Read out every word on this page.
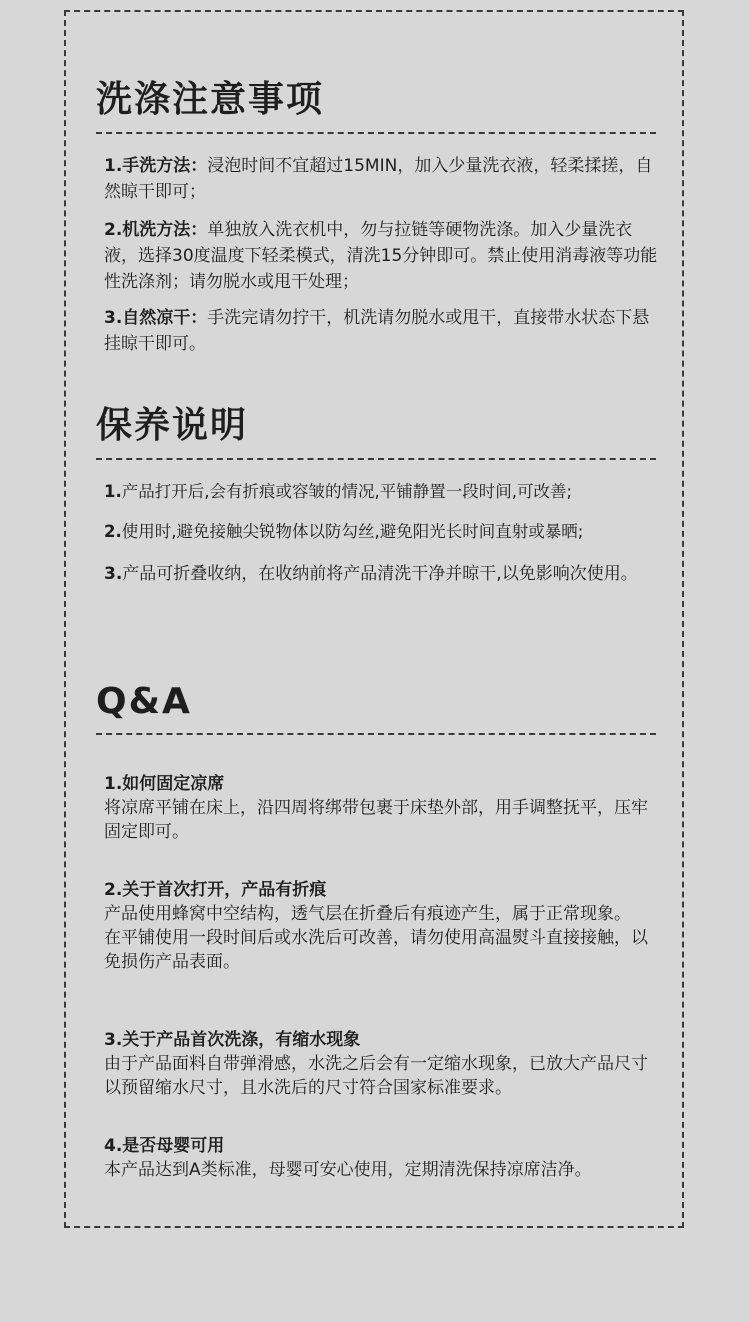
洗涤注意事项

1.手洗方法：浸泡时间不宜超过15MIN，加入少量洗衣液，轻柔揉搓，自然晾干即可；

2.机洗方法：单独放入洗衣机中，勿与拉链等硬物洗涤。加入少量洗衣液，选择30度温度下轻柔模式，清洗15分钟即可。禁止使用消毒液等功能性洗涤剂；请勿脱水或甩干处理；

3.自然凉干：手洗完请勿拧干，机洗请勿脱水或甩干，直接带水状态下悬挂晾干即可。

保养说明

1.产品打开后,会有折痕或容皱的情况,平铺静置一段时间,可改善;

2.使用时,避免接触尖锐物体以防勾丝,避免阳光长时间直射或暴晒;

3.产品可折叠收纳，在收纳前将产品清洗干净并晾干,以免影响次使用。

Q&A

1.如何固定凉席

将凉席平铺在床上，沿四周将绑带包裹于床垫外部，用手调整抚平，压牢固定即可。

2.关于首次打开，产品有折痕

产品使用蜂窝中空结构，透气层在折叠后有痕迹产生，属于正常现象。

在平铺使用一段时间后或水洗后可改善，请勿使用高温熨斗直接接触，以免损伤产品表面。

3.关于产品首次洗涤，有缩水现象

由于产品面料自带弹滑感，水洗之后会有一定缩水现象，已放大产品尺寸以预留缩水尺寸，且水洗后的尺寸符合国家标准要求。

4.是否母婴可用

本产品达到A类标准，母婴可安心使用，定期清洗保持凉席洁净。
